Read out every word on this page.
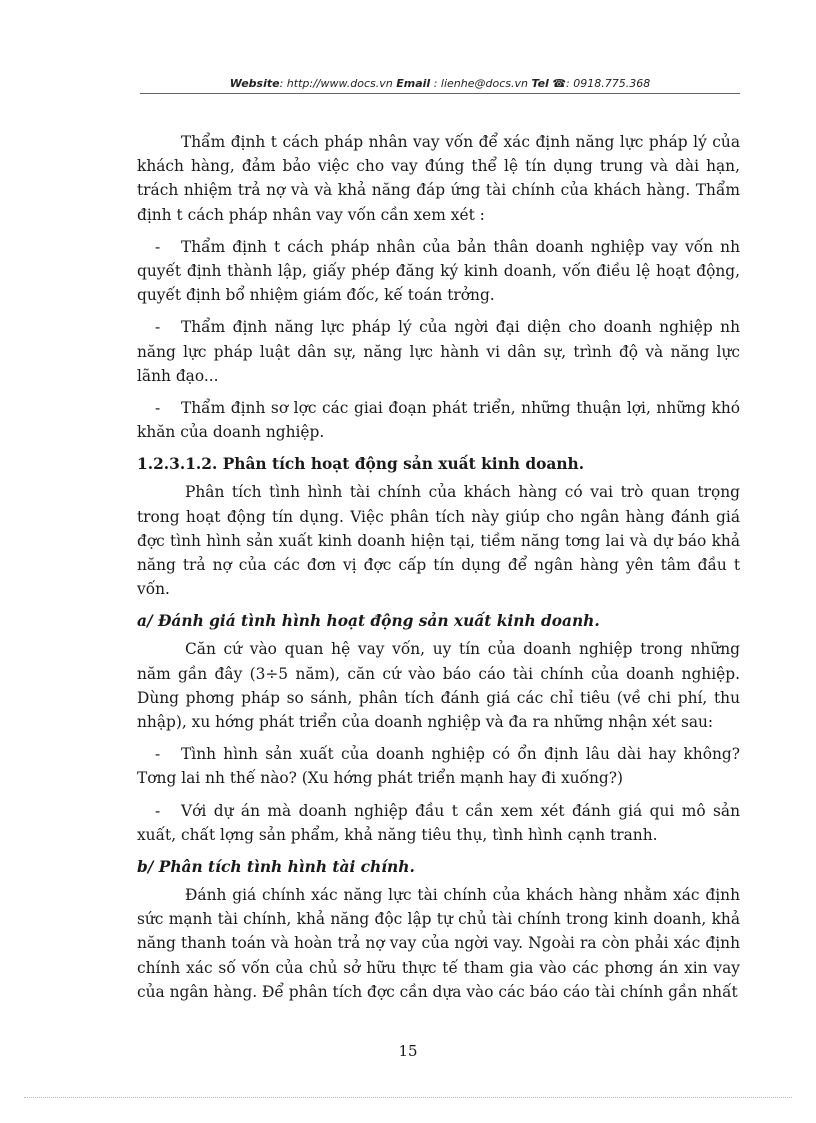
Website: http://www.docs.vn Email : lienhe@docs.vn Tel ☎: 0918.775.368

Thẩm định t cách pháp nhân vay vốn để xác định năng lực pháp lý của khách hàng, đảm bảo việc cho vay đúng thể lệ tín dụng trung và dài hạn, trách nhiệm trả nợ và và khả năng đáp ứng tài chính của khách hàng. Thẩm định t cách pháp nhân vay vốn cần xem xét :

-	Thẩm định t cách pháp nhân của bản thân doanh nghiệp vay vốn nh quyết định thành lập, giấy phép đăng ký kinh doanh, vốn điều lệ hoạt động, quyết định bổ nhiệm giám đốc, kế toán trởng.

-	Thẩm định năng lực pháp lý của ngời đại diện cho doanh nghiệp nh năng lực pháp luật dân sự, năng lực hành vi dân sự, trình độ và năng lực lãnh đạo...

-	Thẩm định sơ lợc các giai đoạn phát triển, những thuận lợi, những khó khăn của doanh nghiệp.

1.2.3.1.2. Phân tích hoạt động sản xuất kinh doanh.

Phân tích tình hình tài chính của khách hàng có vai trò quan trọng trong hoạt động tín dụng. Việc phân tích này giúp cho ngân hàng đánh giá đợc tình hình sản xuất kinh doanh hiện tại, tiềm năng tơng lai và dự báo khả năng trả nợ của các đơn vị đợc cấp tín dụng để ngân hàng yên tâm đầu t vốn.

a/ Đánh giá tình hình hoạt động sản xuất kinh doanh.

Căn cứ vào quan hệ vay vốn, uy tín của doanh nghiệp trong những năm gần đây (3÷5 năm), căn cứ vào báo cáo tài chính của doanh nghiệp. Dùng phơng pháp so sánh, phân tích đánh giá các chỉ tiêu (về chi phí, thu nhập), xu hớng phát triển của doanh nghiệp và đa ra những nhận xét sau:

-	Tình hình sản xuất của doanh nghiệp có ổn định lâu dài hay không? Tơng lai nh thế nào? (Xu hớng phát triển mạnh hay đi xuống?)

-	Với dự án mà doanh nghiệp đầu t cần xem xét đánh giá qui mô sản xuất, chất lợng sản phẩm, khả năng tiêu thụ, tình hình cạnh tranh.

b/ Phân tích tình hình tài chính.

Đánh giá chính xác năng lực tài chính của khách hàng nhằm xác định sức mạnh tài chính, khả năng độc lập tự chủ tài chính trong kinh doanh, khả năng thanh toán và hoàn trả nợ vay của ngời vay. Ngoài ra còn phải xác định chính xác số vốn của chủ sở hữu thực tế tham gia vào các phơng án xin vay của ngân hàng. Để phân tích đợc cần dựa vào các báo cáo tài chính gần nhất

15
